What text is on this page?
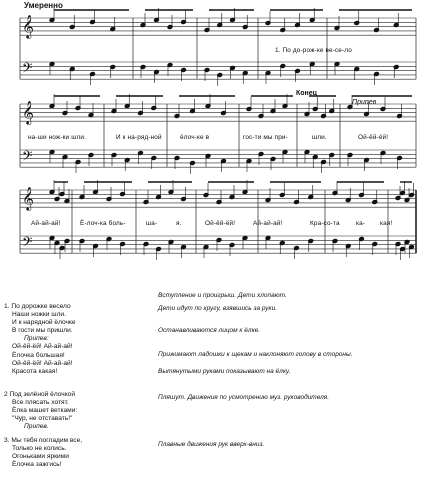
𝄞
𝄢
𝄞
𝄢
𝄞
𝄢
Умеренно
1. По до-рож-ке ве-се-ло
Конец
Припев
на-ши нож-ки шли.	И к на-ряд-ной	ёлоч-ке в	гос-ти мы при-	шли.	Ой-ёй-ёй!
Ай-ай-ай!	Ё-лоч-ка боль-	ша-	я.	Ой-ёй-ёй!	Ай-ай-ай!	Кра-со-та	ка- кая!
1. По дорожке весело
Наши ножки шли.
И к нарядной ёлочке
В гости мы пришли.
Припев:
Ой-ёй-ёй! Ай-ай-ай!
Ёлочка большая!
Ой-ёй-ёй! Ай-ай-ай!
Красота какая!
2 Под зелёной ёлочкой
Все плясать хотят.
Ёлка машет ветками:
"Чур, не отставать!"
Припев.
3. Мы тебя погладим все,
Только не колись.
Огоньками яркими
Ёлочка зажгись!
Вступление и проигрыш. Дети хлопают.
Дети идут по кругу, взявшись за руки.
Останавливаются лицом к ёлке.
Прижимают ладошки к щекам и наклоняют голову в стороны.
Вытянутыми руками показывают на ёлку.
Пляшут. Движения по усмотрению муз. руководителя.
Плавные движения рук вверх-вниз.
